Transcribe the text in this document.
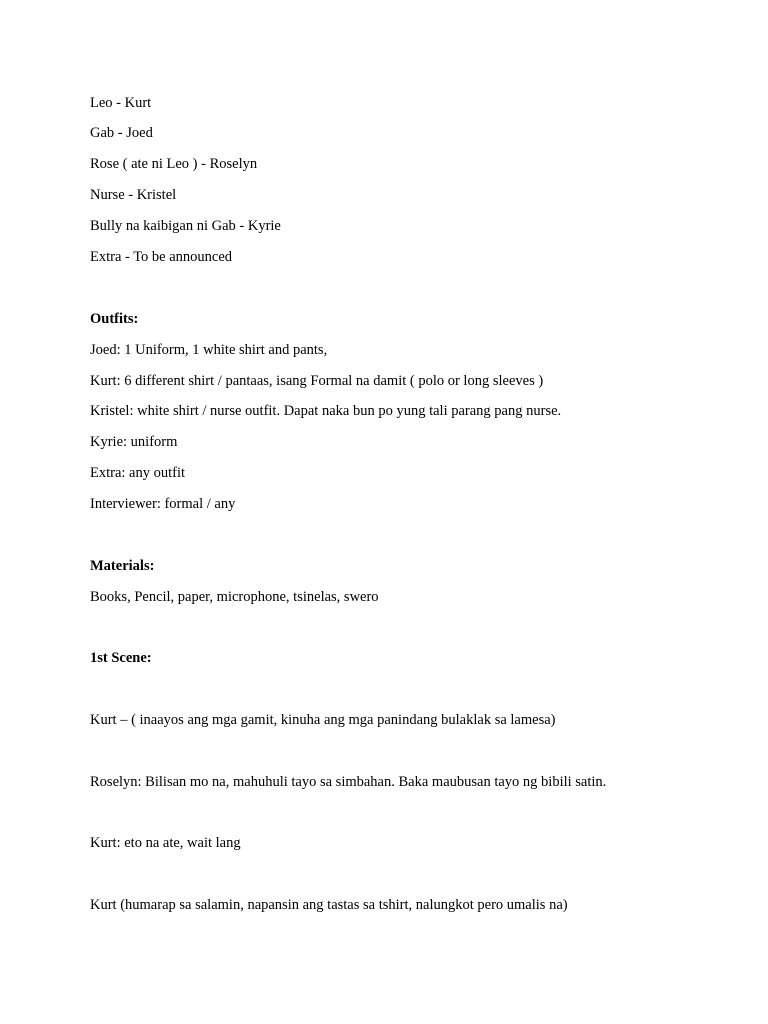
Leo - Kurt
Gab - Joed
Rose ( ate ni Leo ) - Roselyn
Nurse - Kristel
Bully na kaibigan ni Gab - Kyrie
Extra - To be announced
Outfits:
Joed: 1 Uniform, 1 white shirt and pants,
Kurt: 6 different shirt / pantaas, isang Formal na damit ( polo or long sleeves )
Kristel: white shirt / nurse outfit. Dapat naka bun po yung tali parang pang nurse.
Kyrie: uniform
Extra: any outfit
Interviewer: formal / any
Materials:
Books, Pencil, paper, microphone, tsinelas, swero
1st Scene:
Kurt – ( inaayos ang mga gamit, kinuha ang mga panindang bulaklak sa lamesa)
Roselyn: Bilisan mo na, mahuhuli tayo sa simbahan. Baka maubusan tayo ng bibili satin.
Kurt: eto na ate, wait lang
Kurt (humarap sa salamin, napansin ang tastas sa tshirt, nalungkot pero umalis na)
